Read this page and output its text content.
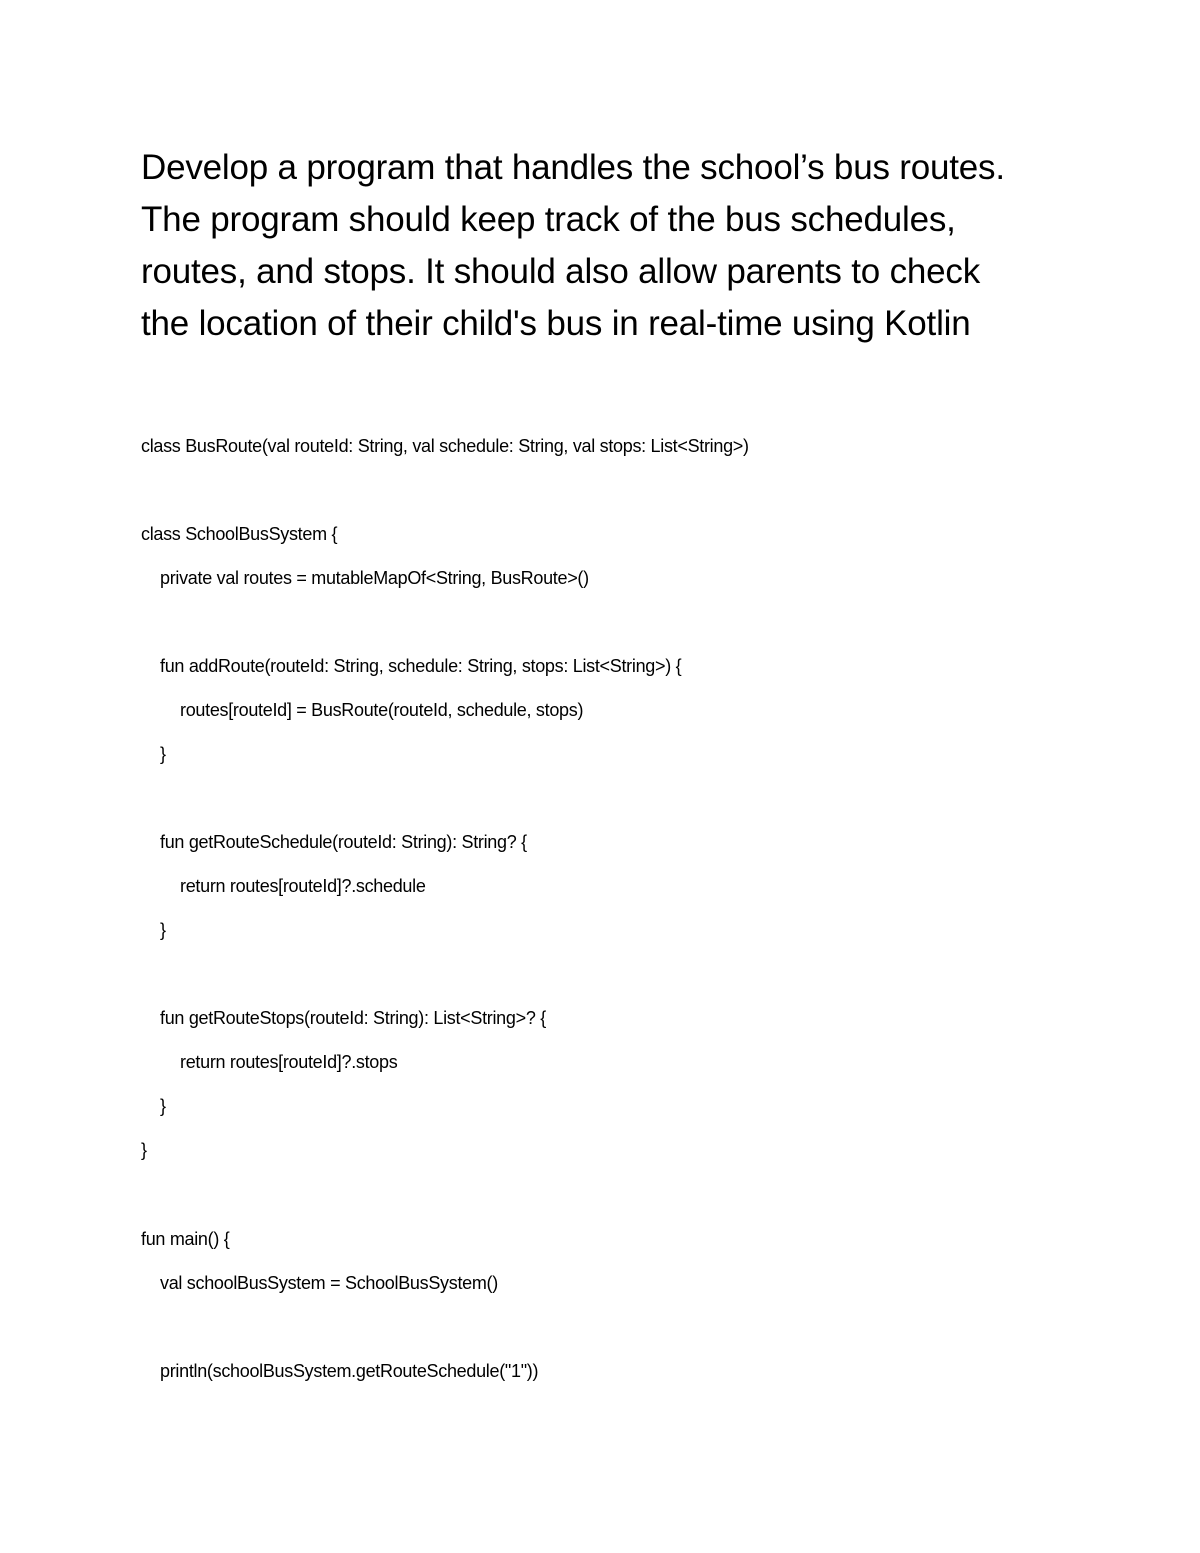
Develop a program that handles the school’s bus routes.
The program should keep track of the bus schedules,
routes, and stops. It should also allow parents to check
the location of their child's bus in real-time using Kotlin
class BusRoute(val routeId: String, val schedule: String, val stops: List<String>)
class SchoolBusSystem {
private val routes = mutableMapOf<String, BusRoute>()
fun addRoute(routeId: String, schedule: String, stops: List<String>) {
routes[routeId] = BusRoute(routeId, schedule, stops)
}
fun getRouteSchedule(routeId: String): String? {
return routes[routeId]?.schedule
}
fun getRouteStops(routeId: String): List<String>? {
return routes[routeId]?.stops
}
}
fun main() {
val schoolBusSystem = SchoolBusSystem()
println(schoolBusSystem.getRouteSchedule("1"))
